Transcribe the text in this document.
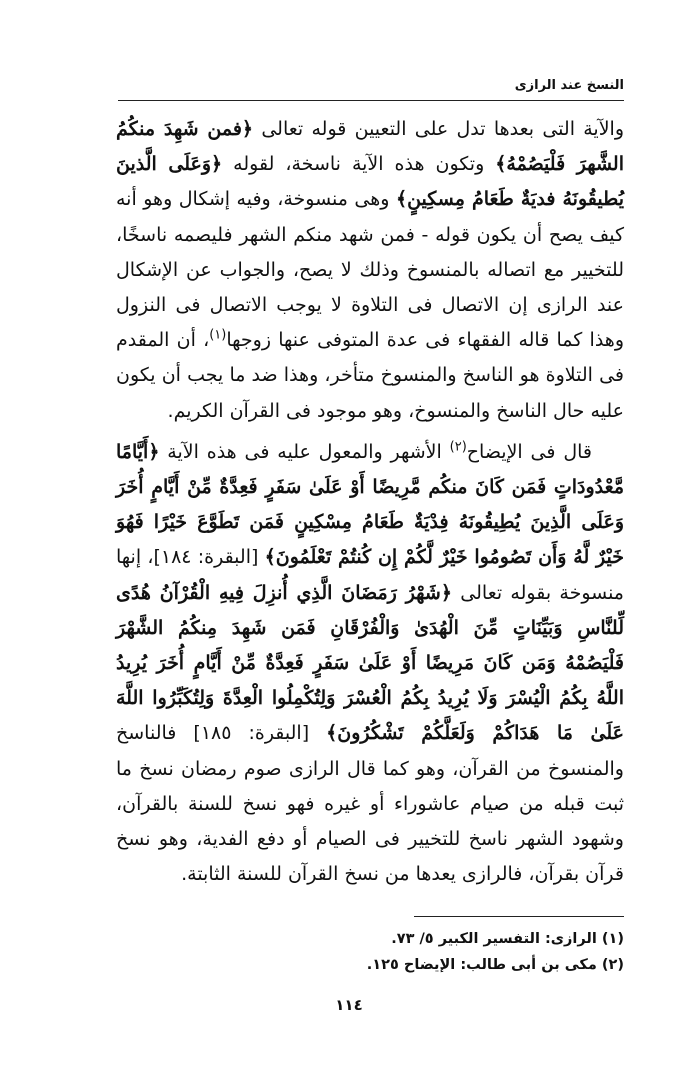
النسخ عند الرازى

والآية التى بعدها تدل على التعيين قوله تعالى ﴿فمن شَهِدَ منكُمُ الشَّهرَ فَلْيَصُمْهُ﴾ وتكون هذه الآية ناسخة، لقوله ﴿وَعَلَى الَّذينَ يُطيقُونَهُ فديَةٌ طَعَامُ مِسكِينٍ﴾ وهى منسوخة، وفيه إشكال وهو أنه كيف يصح أن يكون قوله - فمن شهد منكم الشهر فليصمه ناسخًا، للتخيير مع اتصاله بالمنسوخ وذلك لا يصح، والجواب عن الإشكال عند الرازى إن الاتصال فى التلاوة لا يوجب الاتصال فى النزول وهذا كما قاله الفقهاء فى عدة المتوفى عنها زوجها$^{(١)}$، أن المقدم فى التلاوة هو الناسخ والمنسوخ متأخر، وهذا ضد ما يجب أن يكون عليه حال الناسخ والمنسوخ، وهو موجود فى القرآن الكريم.

قال فى الإيضاح$^{(٢)}$ الأشهر والمعول عليه فى هذه الآية ﴿أَيَّامًا مَّعْدُودَاتٍ فَمَن كَانَ منكُم مَّرِيضًا أَوْ عَلَىٰ سَفَرٍ فَعِدَّةٌ مِّنْ أَيَّامٍ أُخَرَ وَعَلَى الَّذِينَ يُطِيقُونَهُ فِدْيَةٌ طَعَامُ مِسْكِينٍ فَمَن تَطَوَّعَ خَيْرًا فَهُوَ خَيْرٌ لَّهُ وَأَن تَصُومُوا خَيْرٌ لَّكُمْ إِن كُنتُمْ تَعْلَمُونَ﴾ [البقرة: ١٨٤]، إنها منسوخة بقوله تعالى ﴿شَهْرُ رَمَضَانَ الَّذِي أُنزِلَ فِيهِ الْقُرْآنُ هُدًى لِّلنَّاسِ وَبَيِّنَاتٍ مِّنَ الْهُدَىٰ وَالْفُرْقَانِ فَمَن شَهِدَ مِنكُمُ الشَّهْرَ فَلْيَصُمْهُ وَمَن كَانَ مَرِيضًا أَوْ عَلَىٰ سَفَرٍ فَعِدَّةٌ مِّنْ أَيَّامٍ أُخَرَ يُرِيدُ اللَّهُ بِكُمُ الْيُسْرَ وَلَا يُرِيدُ بِكُمُ الْعُسْرَ وَلِتُكْمِلُوا الْعِدَّةَ وَلِتُكَبِّرُوا اللَّهَ عَلَىٰ مَا هَدَاكُمْ وَلَعَلَّكُمْ تَشْكُرُونَ﴾ [البقرة: ١٨٥] فالناسخ والمنسوخ من القرآن، وهو كما قال الرازى صوم رمضان نسخ ما ثبت قبله من صيام عاشوراء أو غيره فهو نسخ للسنة بالقرآن، وشهود الشهر ناسخ للتخيير فى الصيام أو دفع الفدية، وهو نسخ قرآن بقرآن، فالرازى يعدها من نسخ القرآن للسنة الثابتة.

(١) الرازى: التفسير الكبير ٥/ ٧٣.
(٢) مكى بن أبى طالب: الإيضاح ١٢٥.
١١٤
